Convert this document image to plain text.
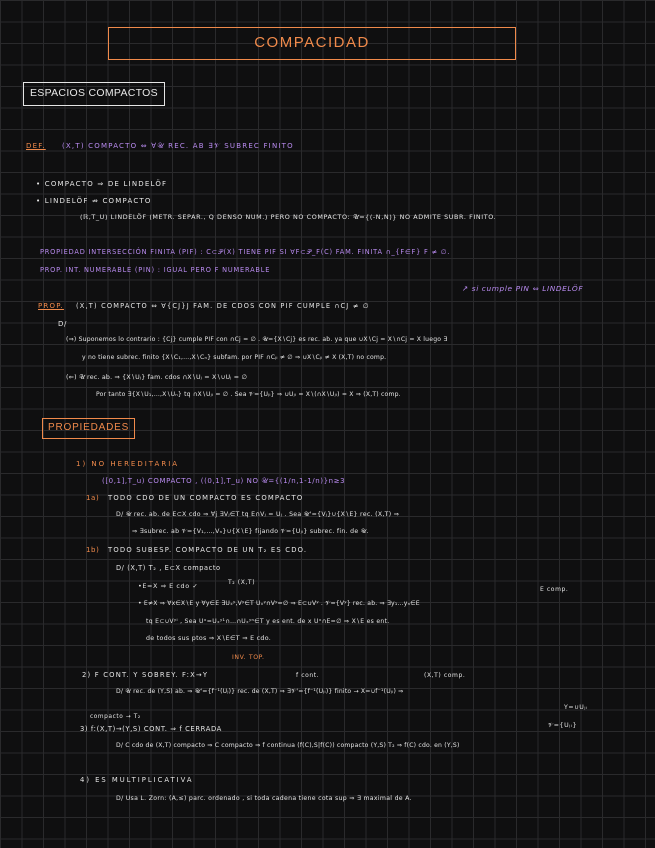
COMPACIDAD
ESPACIOS COMPACTOS
DEF. (X,T) COMPACTO ⇔ ∀𝒰 REC. AB ∃𝒱 SUBREC FINITO
• COMPACTO ⇒ DE LINDELÖF
• LINDELÖF ⇏ COMPACTO
(ℝ,T_U) LINDELÖF (METR. SEPAR., Q DENSO NUM.) PERO NO COMPACTO: 𝒰={(-N,N)} NO ADMITE SUBR. FINITO.
PROPIEDAD INTERSECCIÓN FINITA (PIF) : C⊂𝒫(X) TIENE PIF SI ∀F⊂𝒫_F(C) FAM. FINITA ∩_{F∈F} F ≠ ∅.
PROP. INT. NUMERABLE (PIN) : IGUAL PERO F NUMERABLE
↗ si cumple PIN ⇔ LINDELÖF
PROP. (X,T) COMPACTO ⇔ ∀{CJ}J FAM. DE CDOS CON PIF CUMPLE ∩CJ ≠ ∅
D/
(⇒) Suponemos lo contrario : {Cj} cumple PIF con ∩Cj = ∅ . 𝒰={X∖Cj} es rec. ab. ya que ∪X∖Cj = X∖∩Cj = X luego ∃
y no tiene subrec. finito {X∖C₁,…,X∖Cₙ} subfam. por PIF ∩Cⱼᵢ ≠ ∅ ⇒ ∪X∖Cⱼᵢ ≠ X (X,T) no comp.
(⇐) 𝒰 rec. ab. ⇒ {X∖Uⱼ} fam. cdos ∩X∖Uⱼ = X∖∪Uⱼ = ∅
Por tanto ∃{X∖U₁,…,X∖Uₙ} tq ∩X∖Uⱼᵢ = ∅ . Sea 𝒱={Uⱼᵢ} ⇒ ∪Uⱼᵢ = X∖(∩X∖Uⱼᵢ) = X ⇒ (X,T) comp.
PROPIEDADES
1) NO HEREDITARIA
([0,1],T_u) COMPACTO , ((0,1],T_u) NO 𝒰={(1/n,1-1/n)}n≥3
1a) TODO CDO DE UN COMPACTO ES COMPACTO
D/ 𝒰 rec. ab. de E⊂X cdo ⇒ ∀j ∃Vⱼ∈T tq E∩Vⱼ = Uⱼ . Sea 𝒰'={Vⱼ}∪{X∖E} rec. (X,T) ⇒
⇒ ∃subrec. ab 𝒱={V₁,…,Vₙ}∪{X∖E} fijando 𝒱={Uⱼᵢ} subrec. fin. de 𝒰.
1b) TODO SUBESP. COMPACTO DE UN T₂ ES CDO.
D/ (X,T) T₂ , E⊂X compacto
T₂ (X,T)
•E=X ⇒ E cdo ✓	E comp.
• E≠X ⇒ ∀x∈X∖E y ∀y∈E ∃Uₓʸ,Vʸ∈T Uₓʸ∩Vʸ=∅ ⇒ E⊂∪Vʸ . 𝒱={Vʸ} rec. ab. ⇒ ∃y₁…yₙ∈E
tq E⊂∪Vʸⁱ , Sea Uˣ=Uₓʸ¹∩…∩Uₓʸⁿ∈T y es ent. de x Uˣ∩E=∅ ⇒ X∖E es ent.
de todos sus ptos ⇒ X∖E∈T ⇒ E cdo.
INV. TOP.
2) F CONT. Y SOBREY. F:X→Y	f cont.	(X,T) comp.
D/ 𝒰 rec. de (Y,S) ab. ⇒ 𝒰'={f⁻¹(Uⱼ)} rec. de (X,T) ⇒ ∃𝒱'={f⁻¹(Uⱼᵢ)} finito → X=∪f⁻¹(Uⱼᵢ) ⇒
Y=∪Uⱼᵢ
compacto → T₂
3) f:(X,T)→(Y,S) CONT. ⇒ f CERRADA	𝒱={Uⱼᵢ}
D/ C cdo de (X,T) compacto ⇒ C compacto ⇒ f continua (f(C),S|f(C)) compacto (Y,S) T₂ ⇒ f(C) cdo. en (Y,S)
4) ES MULTIPLICATIVA
D/ Usa L. Zorn: (A,≤) parc. ordenado , si toda cadena tiene cota sup ⇒ ∃ maximal de A.
